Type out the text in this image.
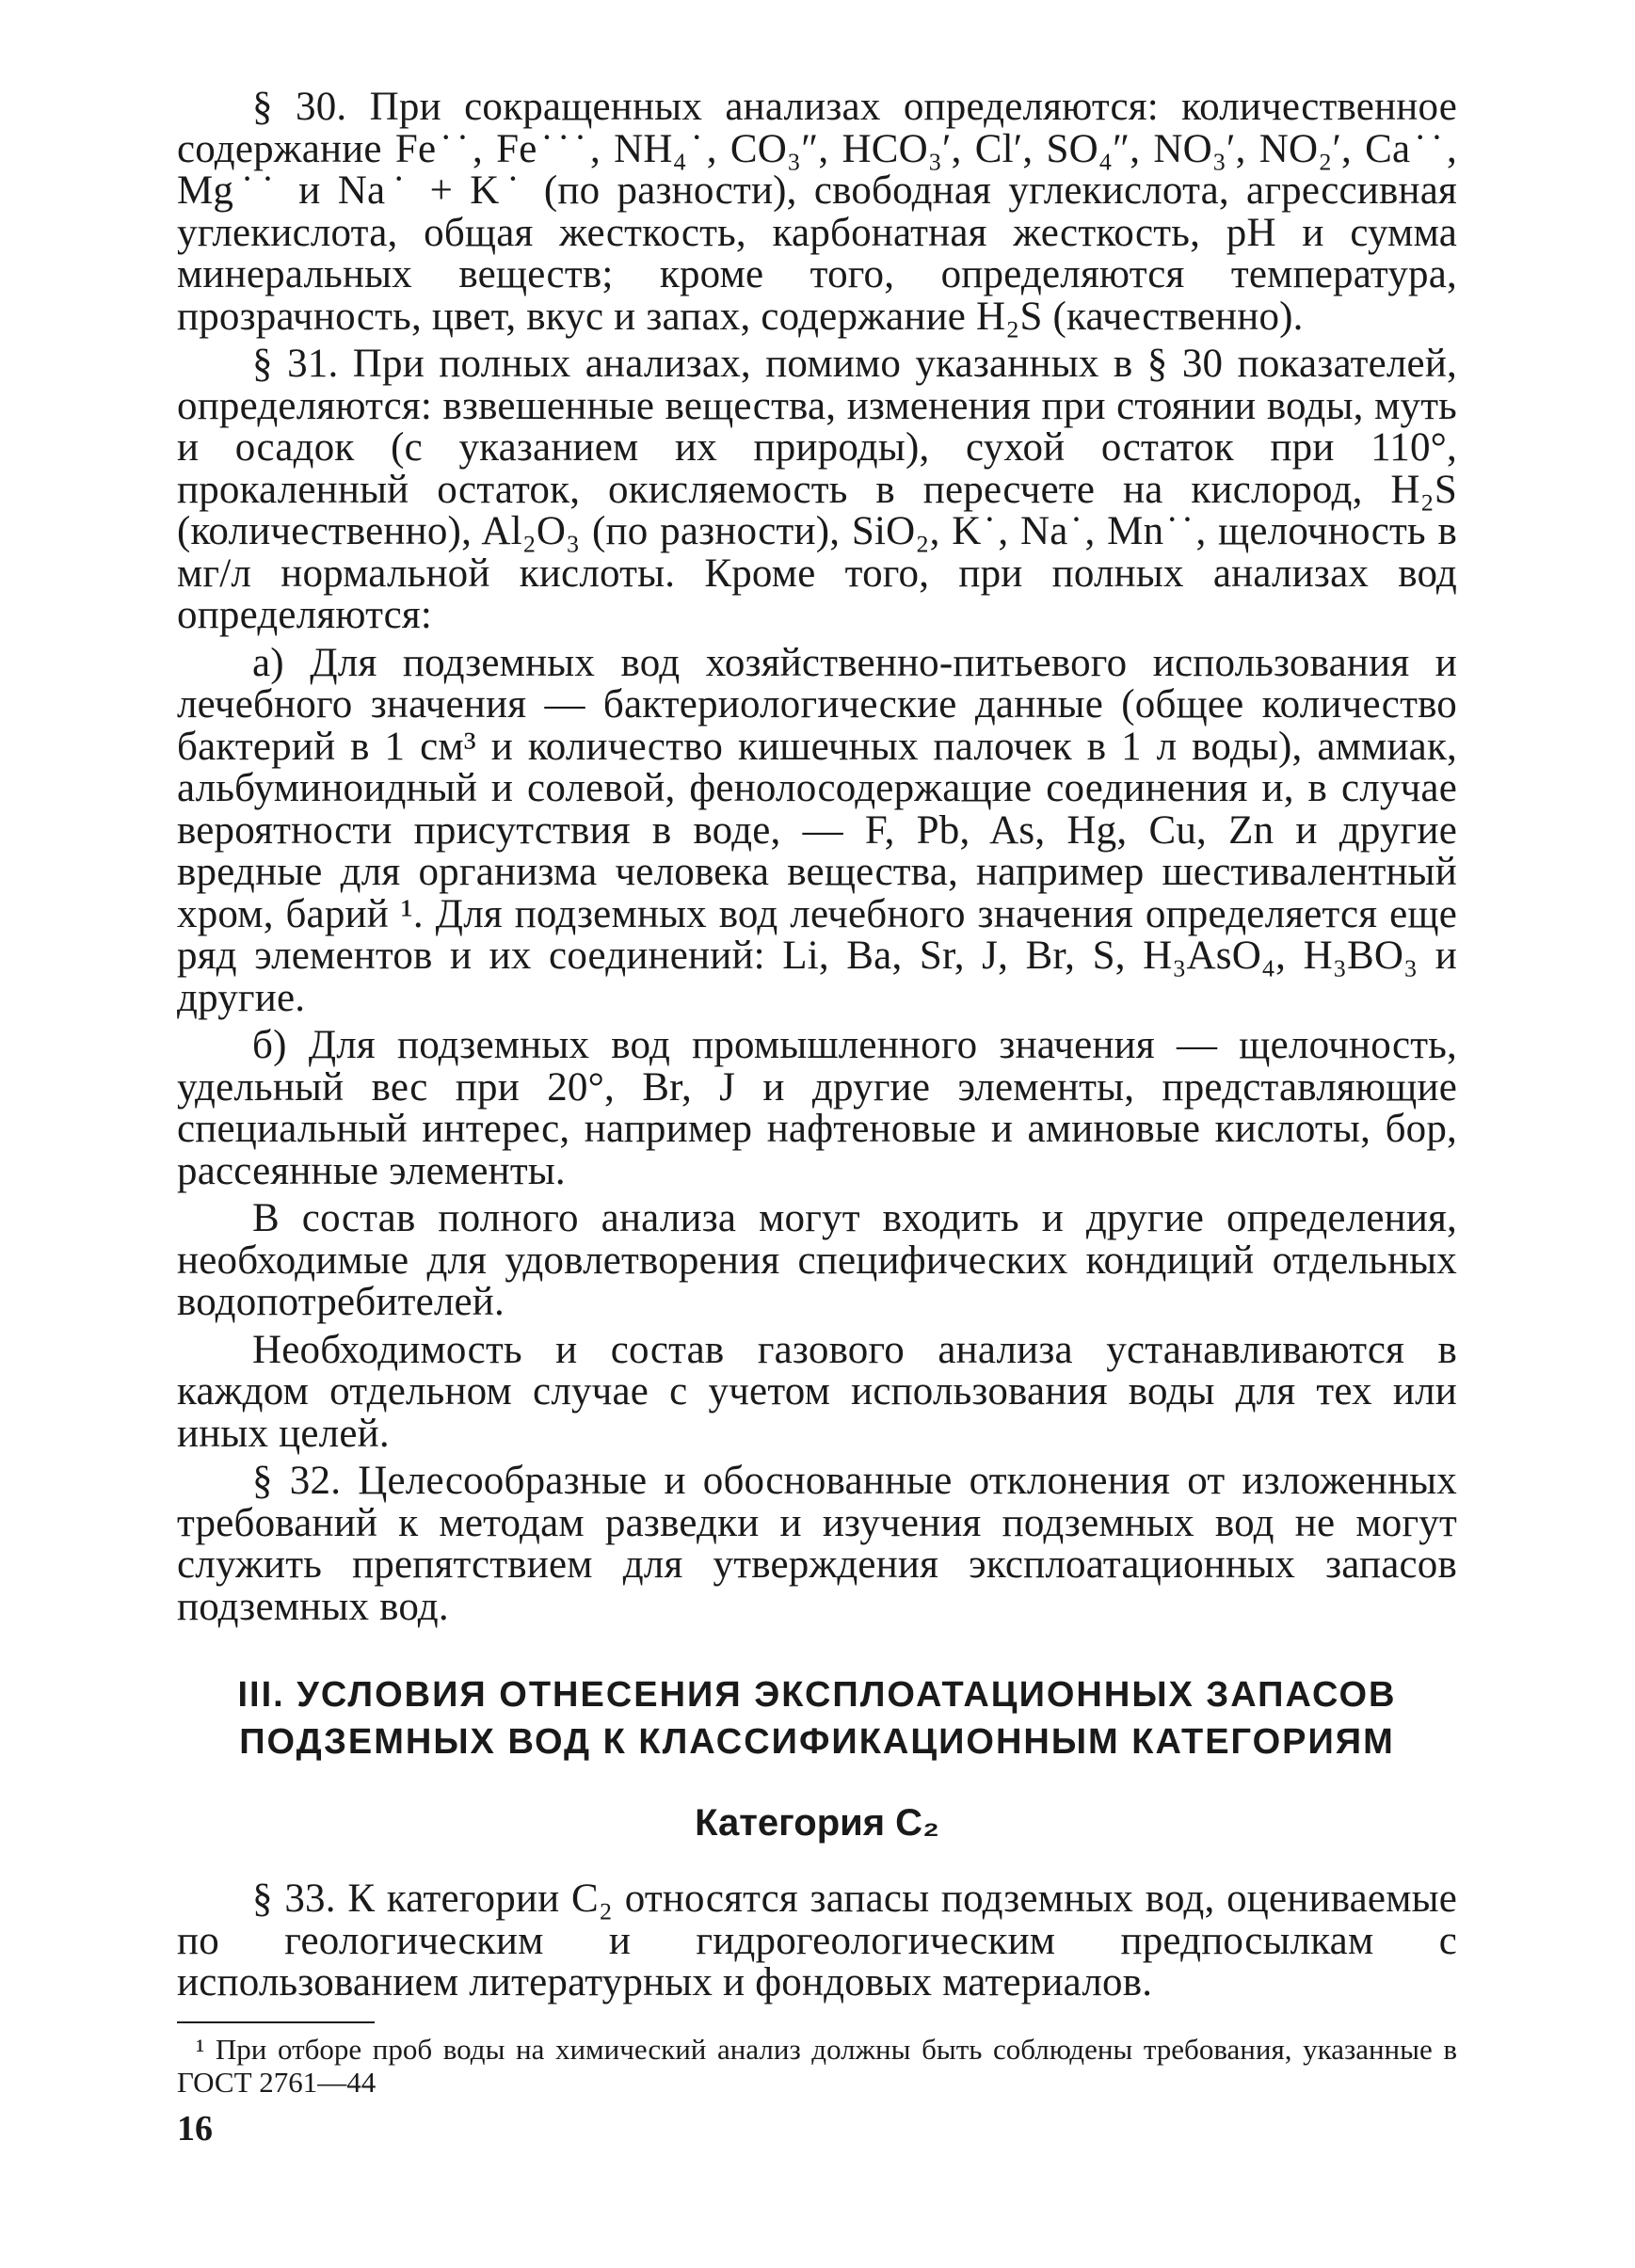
§ 30. При сокращенных анализах определяются: количественное содержание Fe˙˙, Fe˙˙˙, NH₄˙, CO₃″, HCO₃′, Cl′, SO₄″, NO₃′, NO₂′, Ca˙˙, Mg˙˙ и Na˙ + K˙ (по разности), свободная углекислота, агрессивная углекислота, общая жесткость, карбонатная жесткость, pH и сумма минеральных веществ; кроме того, определяются температура, прозрачность, цвет, вкус и запах, содержание H₂S (качественно).

§ 31. При полных анализах, помимо указанных в § 30 показателей, определяются: взвешенные вещества, изменения при стоянии воды, муть и осадок (с указанием их природы), сухой остаток при 110°, прокаленный остаток, окисляемость в пересчете на кислород, H₂S (количественно), Al₂O₃ (по разности), SiO₂, K˙, Na˙, Mn˙˙, щелочность в мг/л нормальной кислоты. Кроме того, при полных анализах вод определяются:

а) Для подземных вод хозяйственно-питьевого использования и лечебного значения — бактериологические данные (общее количество бактерий в 1 см³ и количество кишечных палочек в 1 л воды), аммиак, альбуминоидный и солевой, фенолосодержащие соединения и, в случае вероятности присутствия в воде, — F, Pb, As, Hg, Cu, Zn и другие вредные для организма человека вещества, например шестивалентный хром, барий ¹. Для подземных вод лечебного значения определяется еще ряд элементов и их соединений: Li, Ba, Sr, J, Br, S, H₃AsO₄, H₃BO₃ и другие.

б) Для подземных вод промышленного значения — щелочность, удельный вес при 20°, Br, J и другие элементы, представляющие специальный интерес, например нафтеновые и аминовые кислоты, бор, рассеянные элементы.

В состав полного анализа могут входить и другие определения, необходимые для удовлетворения специфических кондиций отдельных водопотребителей.

Необходимость и состав газового анализа устанавливаются в каждом отдельном случае с учетом использования воды для тех или иных целей.

§ 32. Целесообразные и обоснованные отклонения от изложенных требований к методам разведки и изучения подземных вод не могут служить препятствием для утверждения эксплоатационных запасов подземных вод.

III. УСЛОВИЯ ОТНЕСЕНИЯ ЭКСПЛОАТАЦИОННЫХ ЗАПАСОВ
ПОДЗЕМНЫХ ВОД К КЛАССИФИКАЦИОННЫМ КАТЕГОРИЯМ
Категория C₂

§ 33. К категории C₂ относятся запасы подземных вод, оцениваемые по геологическим и гидрогеологическим предпосылкам с использованием литературных и фондовых материалов.

¹ При отборе проб воды на химический анализ должны быть соблюдены требования, указанные в ГОСТ 2761—44

16
